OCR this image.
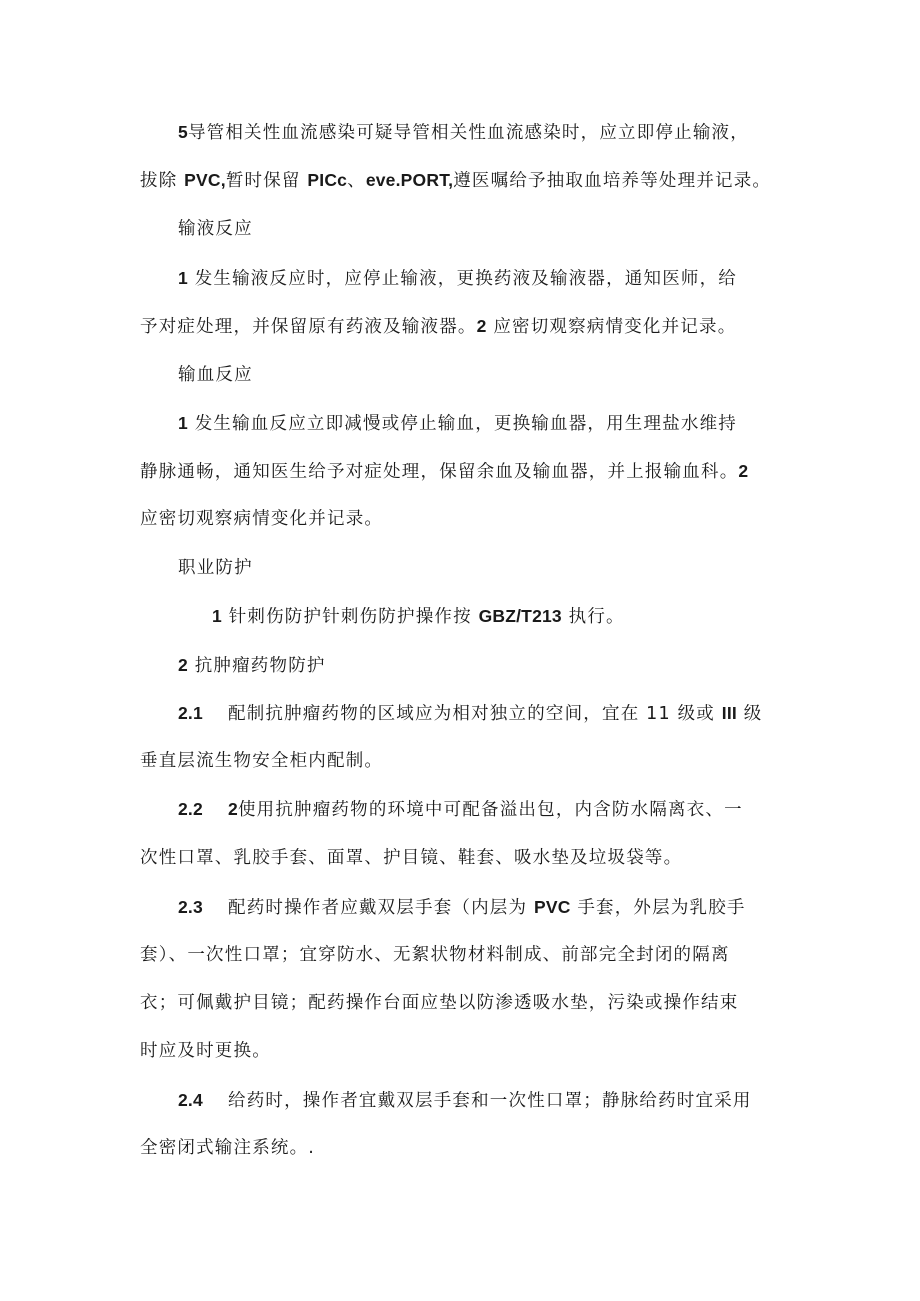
5导管相关性血流感染可疑导管相关性血流感染时，应立即停止输液，
拔除 PVC,暂时保留 PICc、eve.PORT,遵医嘱给予抽取血培养等处理并记录。
输液反应
1 发生输液反应时，应停止输液，更换药液及输液器，通知医师，给
予对症处理，并保留原有药液及输液器。2 应密切观察病情变化并记录。
输血反应
1 发生输血反应立即减慢或停止输血，更换输血器，用生理盐水维持
静脉通畅，通知医生给予对症处理，保留余血及输血器，并上报输血科。2
应密切观察病情变化并记录。
职业防护
1 针刺伤防护针刺伤防护操作按 GBZ/T213 执行。
2 抗肿瘤药物防护
2.1 配制抗肿瘤药物的区域应为相对独立的空间，宜在 11 级或 III 级
垂直层流生物安全柜内配制。
2.2 2使用抗肿瘤药物的环境中可配备溢出包，内含防水隔离衣、一
次性口罩、乳胶手套、面罩、护目镜、鞋套、吸水垫及垃圾袋等。
2.3 配药时操作者应戴双层手套（内层为 PVC 手套，外层为乳胶手
套）、一次性口罩；宜穿防水、无絮状物材料制成、前部完全封闭的隔离
衣；可佩戴护目镜；配药操作台面应垫以防渗透吸水垫，污染或操作结束
时应及时更换。
2.4 给药时，操作者宜戴双层手套和一次性口罩；静脉给药时宜采用
全密闭式输注系统。.
